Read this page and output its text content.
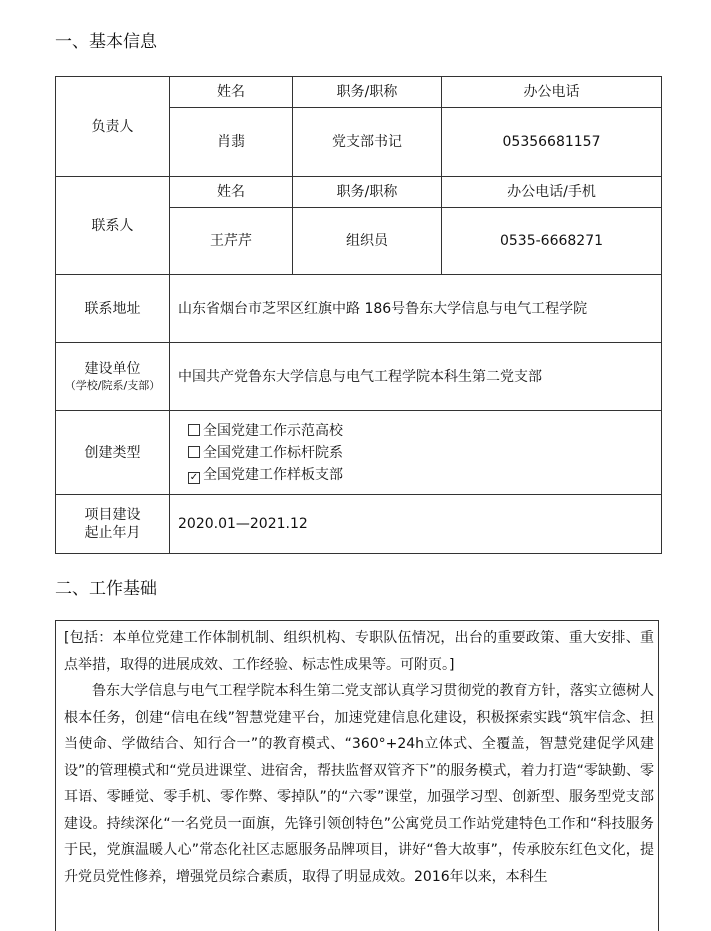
一、基本信息
负责人	姓名	职务/职称	办公电话
	肖翡	党支部书记	05356681157
联系人	姓名	职务/职称	办公电话/手机
	王芹芹	组织员	0535-6668271
联系地址	山东省烟台市芝罘区红旗中路 186号鲁东大学信息与电气工程学院		
建设单位
（学校/院系/支部）	中国共产党鲁东大学信息与电气工程学院本科生第二党支部		
创建类型	全国党建工作示范高校
全国党建工作标杆院系
✓ 全国党建工作样板支部		

项目建设
起止年月	2020.01—2021.12		
二、工作基础

[包括：本单位党建工作体制机制、组织机构、专职队伍情况，出台的重要政策、重大安排、重点举措，取得的进展成效、工作经验、标志性成果等。可附页。]

鲁东大学信息与电气工程学院本科生第二党支部认真学习贯彻党的教育方针，落实立德树人根本任务，创建“信电在线”智慧党建平台，加速党建信息化建设，积极探索实践“筑牢信念、担当使命、学做结合、知行合一”的教育模式、“360°+24h立体式、全覆盖，智慧党建促学风建设”的管理模式和“党员进课堂、进宿舍，帮扶监督双管齐下”的服务模式，着力打造“零缺勤、零耳语、零睡觉、零手机、零作弊、零掉队”的“六零”课堂，加强学习型、创新型、服务型党支部建设。持续深化“一名党员一面旗，先锋引领创特色”公寓党员工作站党建特色工作和“科技服务于民，党旗温暖人心”常态化社区志愿服务品牌项目，讲好“鲁大故事”，传承胶东红色文化，提升党员党性修养，增强党员综合素质，取得了明显成效。2016年以来，本科生
